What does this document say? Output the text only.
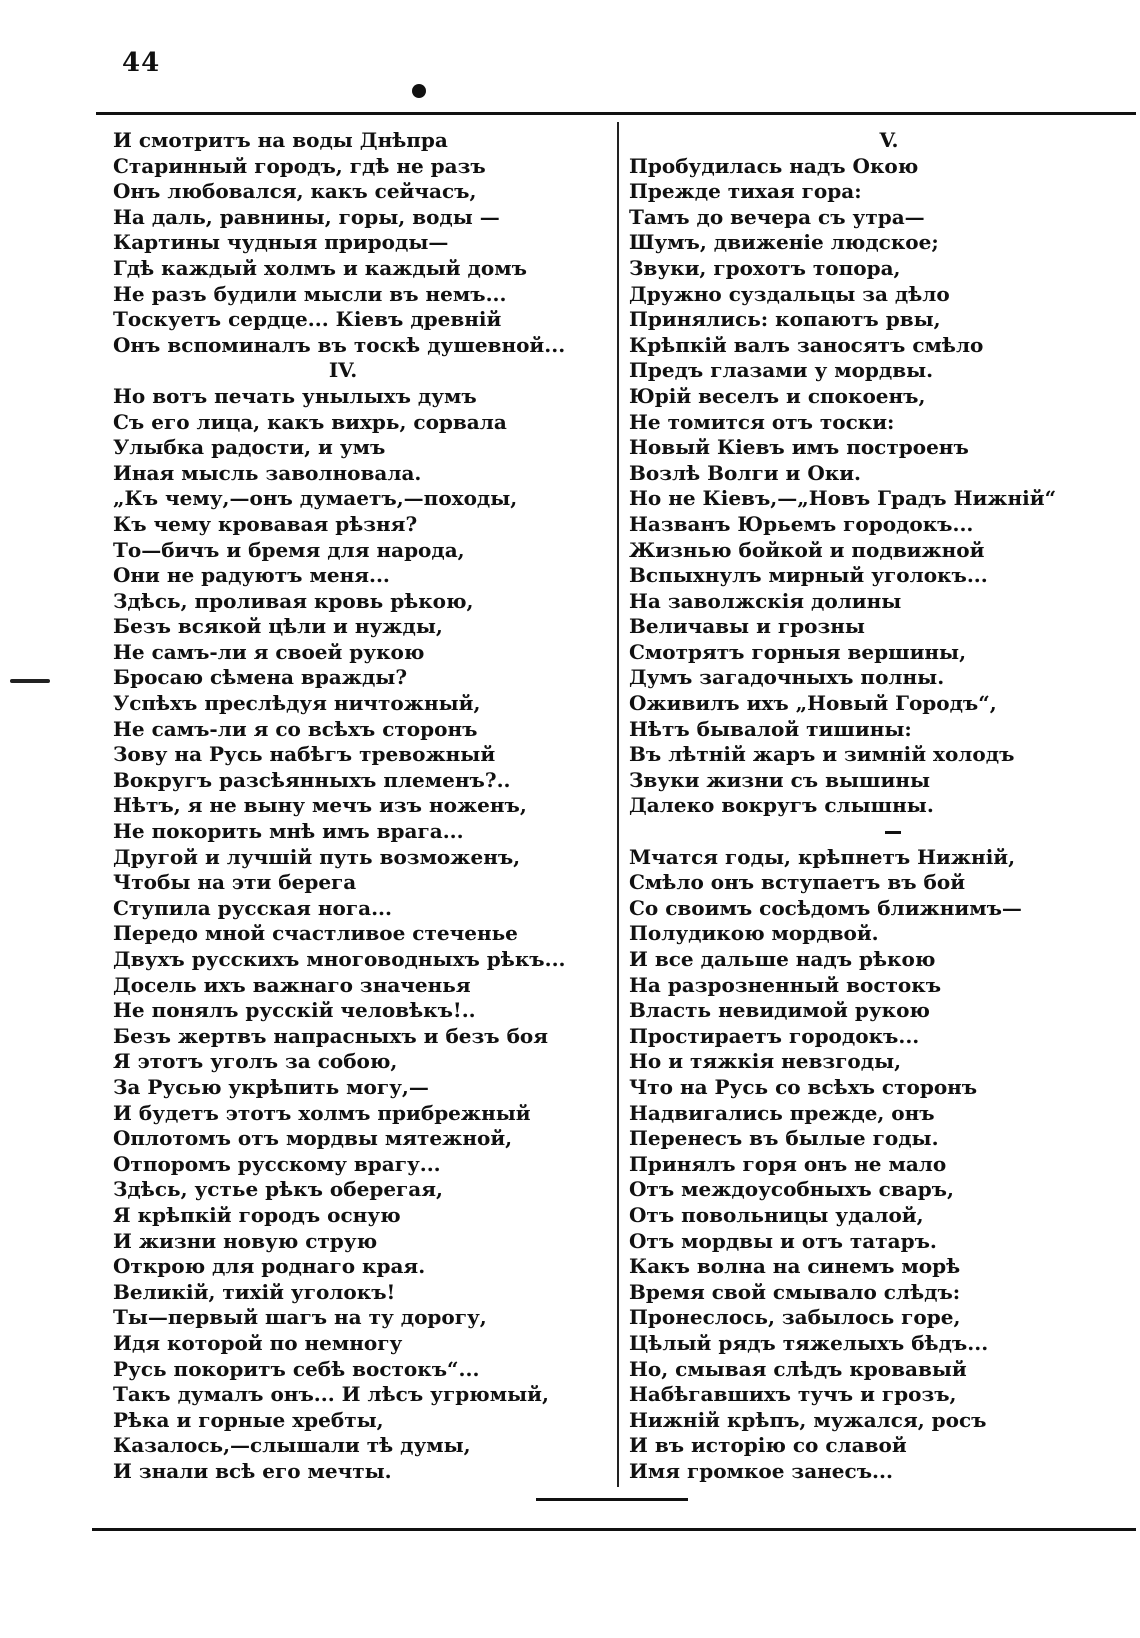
44
И смотритъ на воды Днѣпра
Старинный городъ, гдѣ не разъ
Онъ любовался, какъ сейчасъ,
На даль, равнины, горы, воды —
Картины чудныя природы—
Гдѣ каждый холмъ и каждый домъ
Не разъ будили мысли въ немъ...
Тоскуетъ сердце... Кіевъ древній
Онъ вспоминалъ въ тоскѣ душевной...
IV.
Но вотъ печать унылыхъ думъ
Съ его лица, какъ вихрь, сорвала
Улыбка радости, и умъ
Иная мысль заволновала.
„Къ чему,—онъ думаетъ,—походы,
Къ чему кровавая рѣзня?
То—бичъ и бремя для народа,
Они не радуютъ меня...
Здѣсь, проливая кровь рѣкою,
Безъ всякой цѣли и нужды,
Не самъ-ли я своей рукою
Бросаю сѣмена вражды?
Успѣхъ преслѣдуя ничтожный,
Не самъ-ли я со всѣхъ сторонъ
Зову на Русь набѣгъ тревожный
Вокругъ разсѣянныхъ племенъ?..
Нѣтъ, я не выну мечъ изъ ноженъ,
Не покорить мнѣ имъ врага...
Другой и лучшій путь возможенъ,
Чтобы на эти берега
Ступила русская нога...
Передо мной счастливое стеченье
Двухъ русскихъ многоводныхъ рѣкъ...
Досель ихъ важнаго значенья
Не понялъ русскій человѣкъ!..
Безъ жертвъ напрасныхъ и безъ боя
Я этотъ уголъ за собою,
За Русью укрѣпить могу,—
И будетъ этотъ холмъ прибрежный
Оплотомъ отъ мордвы мятежной,
Отпоромъ русскому врагу...
Здѣсь, устье рѣкъ оберегая,
Я крѣпкій городъ осную
И жизни новую струю
Открою для роднаго края.
Великій, тихій уголокъ!
Ты—первый шагъ на ту дорогу,
Идя которой по немногу
Русь покоритъ себѣ востокъ“...
Такъ думалъ онъ... И лѣсъ угрюмый,
Рѣка и горные хребты,
Казалось,—слышали тѣ думы,
И знали всѣ его мечты.
V.
Пробудилась надъ Окою
Прежде тихая гора:
Тамъ до вечера съ утра—
Шумъ, движеніе людское;
Звуки, грохотъ топора,
Дружно суздальцы за дѣло
Принялись: копаютъ рвы,
Крѣпкій валъ заносятъ смѣло
Предъ глазами у мордвы.
Юрій веселъ и спокоенъ,
Не томится отъ тоски:
Новый Кіевъ имъ построенъ
Возлѣ Волги и Оки.
Но не Кіевъ,—„Новъ Градъ Нижній“
Названъ Юрьемъ городокъ...
Жизнью бойкой и подвижной
Вспыхнулъ мирный уголокъ...
На заволжскія долины
Величавы и грозны
Смотрятъ горныя вершины,
Думъ загадочныхъ полны.
Оживилъ ихъ „Новый Городъ“,
Нѣтъ бывалой тишины:
Въ лѣтній жаръ и зимній холодъ
Звуки жизни съ вышины
Далеко вокругъ слышны.
Мчатся годы, крѣпнетъ Нижній,
Смѣло онъ вступаетъ въ бой
Со своимъ сосѣдомъ ближнимъ—
Полудикою мордвой.
И все дальше надъ рѣкою
На разрозненный востокъ
Власть невидимой рукою
Простираетъ городокъ...
Но и тяжкія невзгоды,
Что на Русь со всѣхъ сторонъ
Надвигались прежде, онъ
Перенесъ въ былые годы.
Принялъ горя онъ не мало
Отъ междоусобныхъ сваръ,
Отъ повольницы удалой,
Отъ мордвы и отъ татаръ.
Какъ волна на синемъ морѣ
Время свой смывало слѣдъ:
Пронеслось, забылось горе,
Цѣлый рядъ тяжелыхъ бѣдъ...
Но, смывая слѣдъ кровавый
Набѣгавшихъ тучъ и грозъ,
Нижній крѣпъ, мужался, росъ
И въ исторію со славой
Имя громкое занесъ...
